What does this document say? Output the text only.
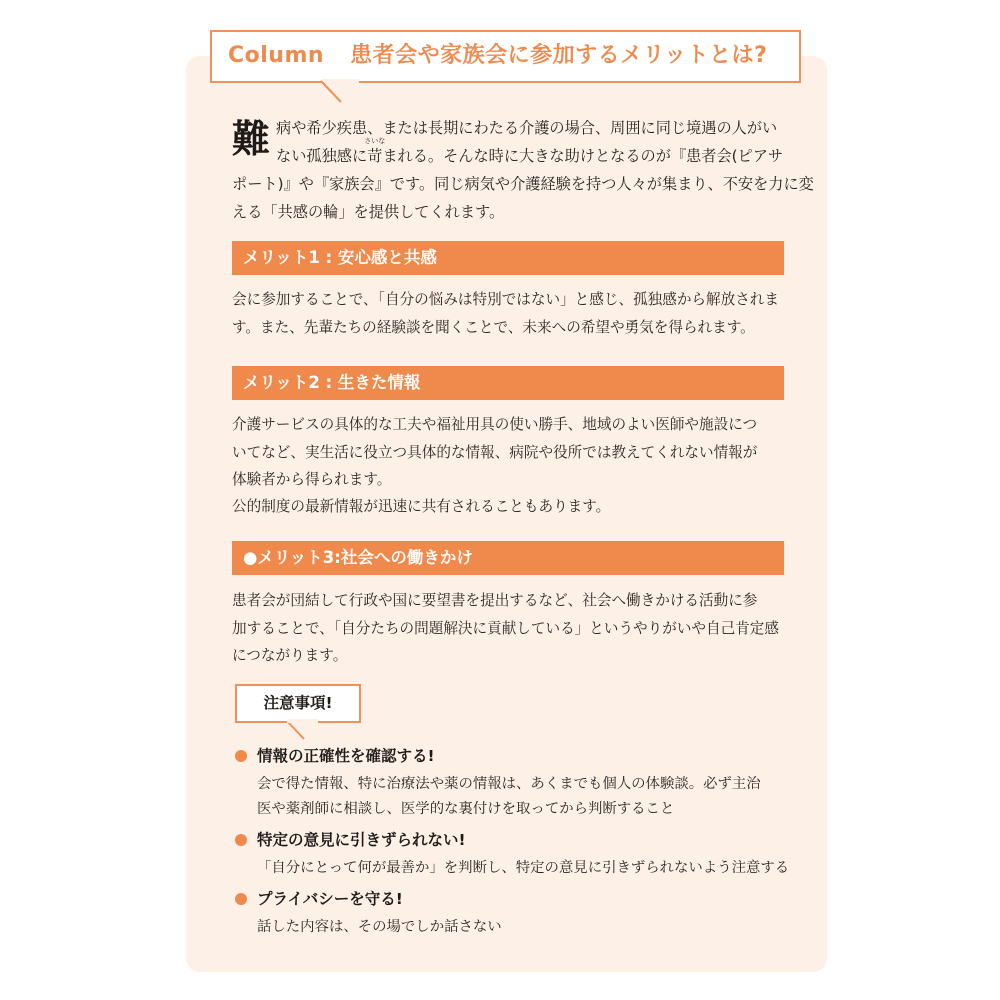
Column 患者会や家族会に参加するメリットとは?
難 病や希少疾患、または長期にわたる介護の場合、周囲に同じ境遇の人がい
ない孤独感に苛
さいな
まれる。そんな時に大きな助けとなるのが『患者会(ピアサ
ポート)』や『家族会』です。同じ病気や介護経験を持つ人々が集まり、不安を力に変
える「共感の輪」を提供してくれます。
メリット1 : 安心感と共感
会に参加することで、「自分の悩みは特別ではない」と感じ、孤独感から解放されま
す。また、先輩たちの経験談を聞くことで、未来への希望や勇気を得られます。
メリット2 : 生きた情報
介護サービスの具体的な工夫や福祉用具の使い勝手、地域のよい医師や施設につ
いてなど、実生活に役立つ具体的な情報、病院や役所では教えてくれない情報が
体験者から得られます。
公的制度の最新情報が迅速に共有されることもあります。
●メリット3:社会への働きかけ
患者会が団結して行政や国に要望書を提出するなど、社会へ働きかける活動に参
加することで、「自分たちの問題解決に貢献している」というやりがいや自己肯定感
につながります。
注意事項!
情報の正確性を確認する!
会で得た情報、特に治療法や薬の情報は、あくまでも個人の体験談。必ず主治
医や薬剤師に相談し、医学的な裏付けを取ってから判断すること
特定の意見に引きずられない!
「自分にとって何が最善か」を判断し、特定の意見に引きずられないよう注意する
プライバシーを守る!
話した内容は、その場でしか話さない
